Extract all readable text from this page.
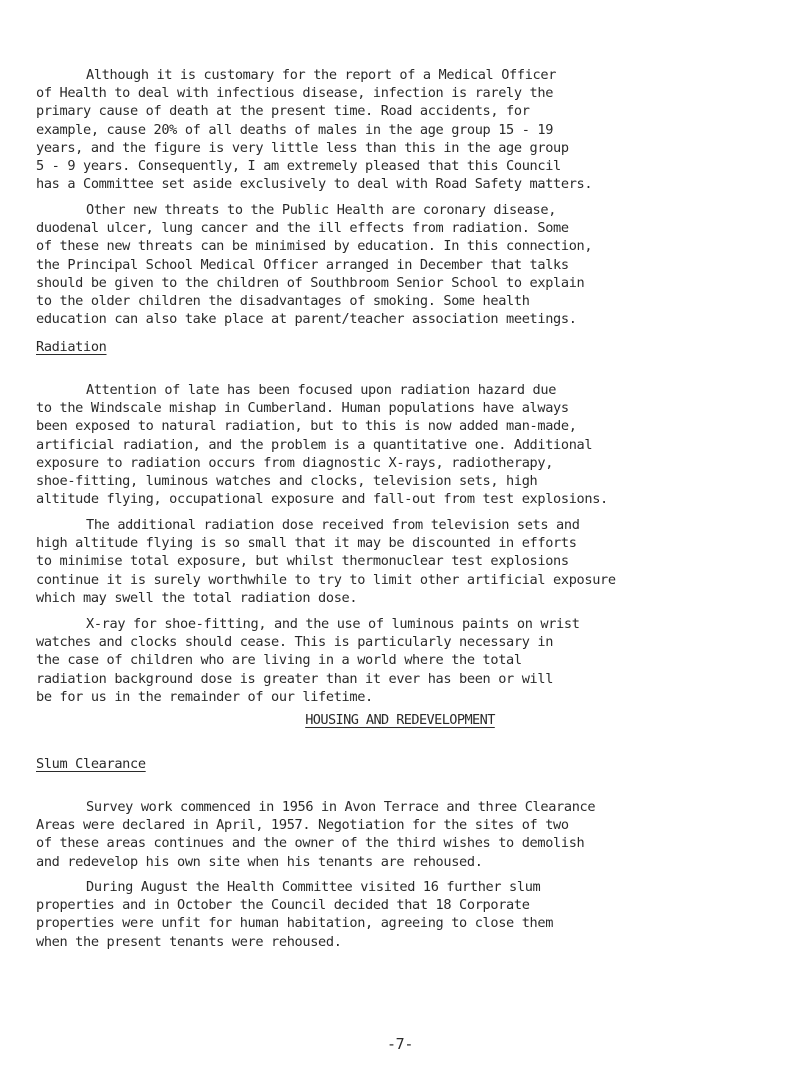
Although it is customary for the report of a Medical Officer
of Health to deal with infectious disease, infection is rarely the
primary cause of death at the present time. Road accidents, for
example, cause 20% of all deaths of males in the age group 15 - 19
years, and the figure is very little less than this in the age group
5 - 9 years. Consequently, I am extremely pleased that this Council
has a Committee set aside exclusively to deal with Road Safety matters.
Other new threats to the Public Health are coronary disease,
duodenal ulcer, lung cancer and the ill effects from radiation. Some
of these new threats can be minimised by education. In this connection,
the Principal School Medical Officer arranged in December that talks
should be given to the children of Southbroom Senior School to explain
to the older children the disadvantages of smoking. Some health
education can also take place at parent/teacher association meetings.

Radiation

Attention of late has been focused upon radiation hazard due
to the Windscale mishap in Cumberland. Human populations have always
been exposed to natural radiation, but to this is now added man-made,
artificial radiation, and the problem is a quantitative one. Additional
exposure to radiation occurs from diagnostic X-rays, radiotherapy,
shoe-fitting, luminous watches and clocks, television sets, high
altitude flying, occupational exposure and fall-out from test explosions.
The additional radiation dose received from television sets and
high altitude flying is so small that it may be discounted in efforts
to minimise total exposure, but whilst thermonuclear test explosions
continue it is surely worthwhile to try to limit other artificial exposure
which may swell the total radiation dose.
X-ray for shoe-fitting, and the use of luminous paints on wrist
watches and clocks should cease. This is particularly necessary in
the case of children who are living in a world where the total
radiation background dose is greater than it ever has been or will
be for us in the remainder of our lifetime.

HOUSING AND REDEVELOPMENT

Slum Clearance

Survey work commenced in 1956 in Avon Terrace and three Clearance
Areas were declared in April, 1957. Negotiation for the sites of two
of these areas continues and the owner of the third wishes to demolish
and redevelop his own site when his tenants are rehoused.
During August the Health Committee visited 16 further slum
properties and in October the Council decided that 18 Corporate
properties were unfit for human habitation, agreeing to close them
when the present tenants were rehoused.

-7-
